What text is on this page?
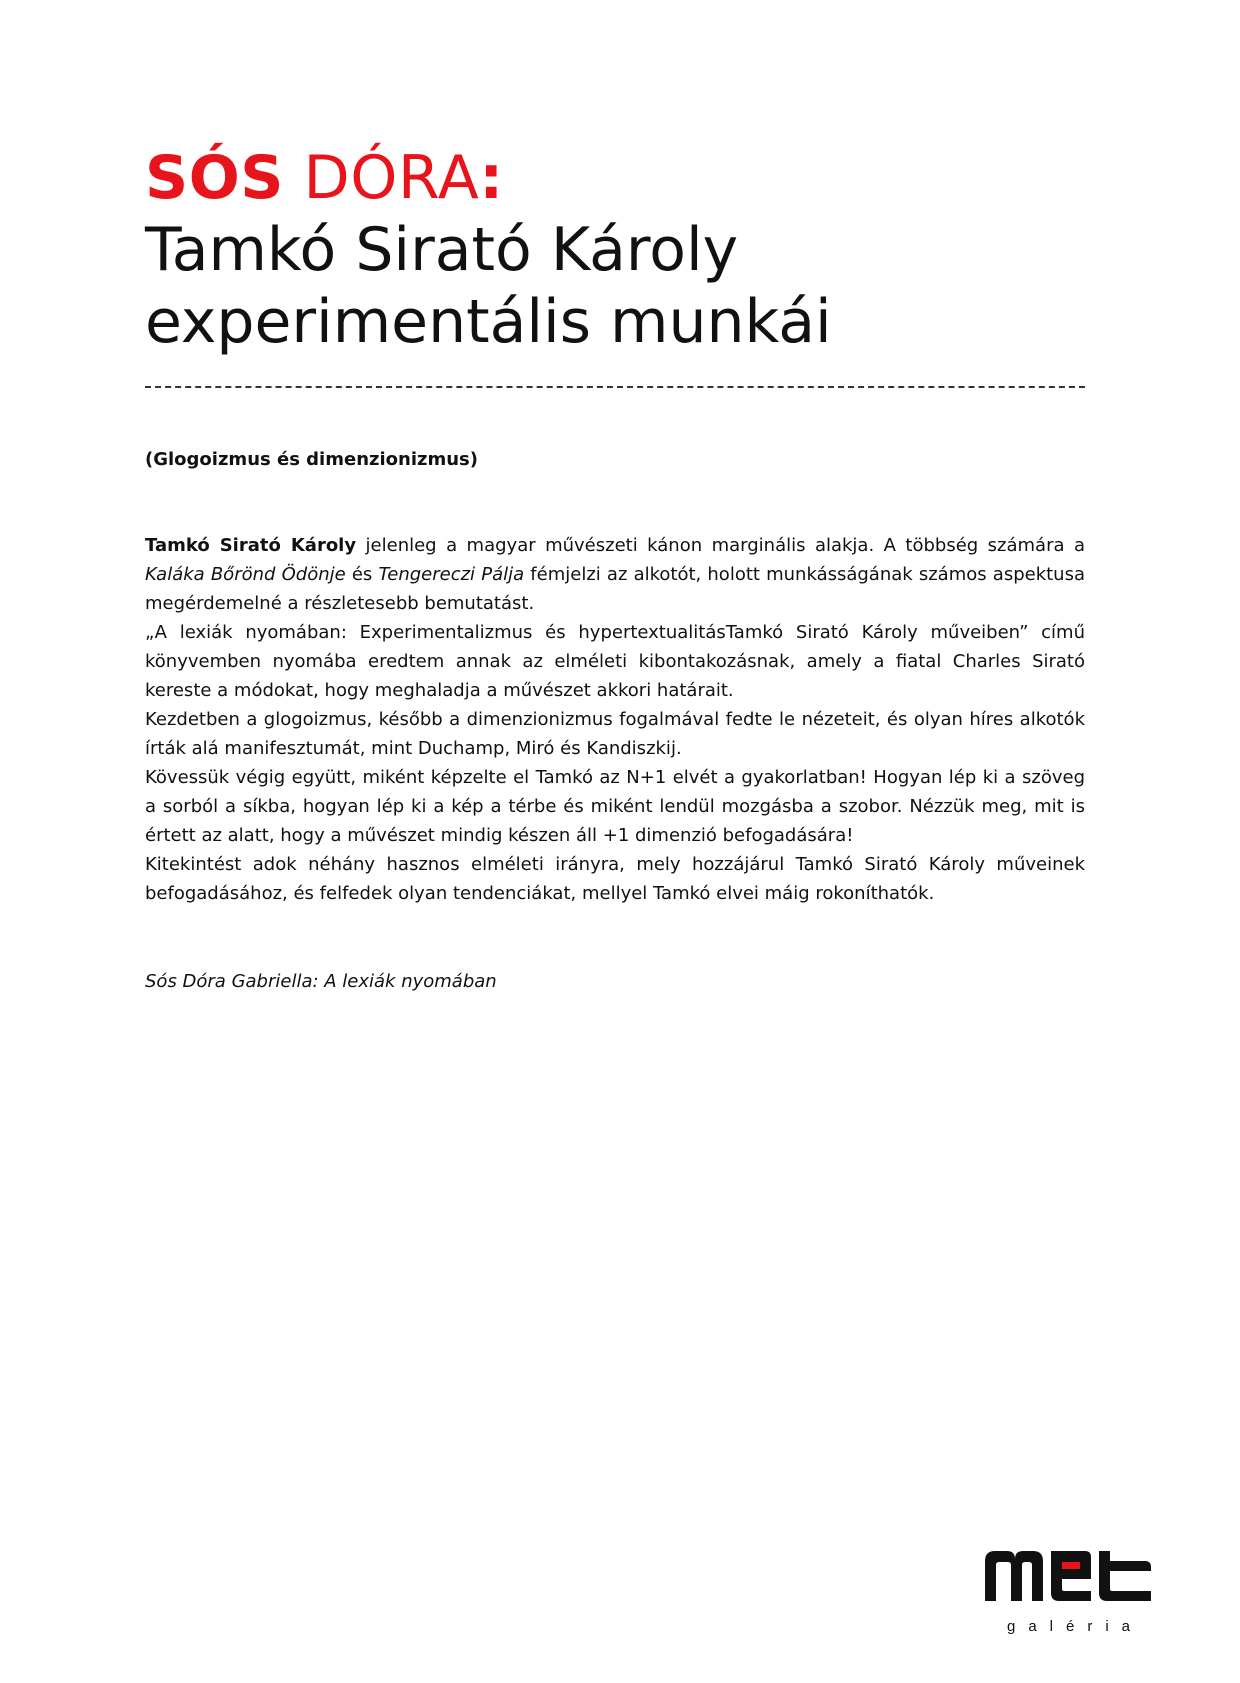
SÓS DÓRA:
Tamkó Sirató Károly
experimentális munkái
(Glogoizmus és dimenzionizmus)

Tamkó Sirató Károly jelenleg a magyar művészeti kánon marginális alakja. A többség számára a Kaláka Bőrönd Ödönje és Tengereczi Pálja fémjelzi az alkotót, holott munkásságának számos aspektusa megérdemelné a részletesebb bemutatást.

„A lexiák nyomában: Experimentalizmus és hypertextualitásTamkó Sirató Károly műveiben” című könyvemben nyomába eredtem annak az elméleti kibontakozásnak, amely a fiatal Charles Sirató kereste a módokat, hogy meghaladja a művészet akkori határait.

Kezdetben a glogoizmus, később a dimenzionizmus fogalmával fedte le nézeteit, és olyan híres alkotók írták alá manifesztumát, mint Duchamp, Miró és Kandiszkij.

Kövessük végig együtt, miként képzelte el Tamkó az N+1 elvét a gyakorlatban! Hogyan lép ki a szöveg a sorból a síkba, hogyan lép ki a kép a térbe és miként lendül mozgásba a szobor. Nézzük meg, mit is értett az alatt, hogy a művészet mindig készen áll +1 dimenzió befogadására!

Kitekintést adok néhány hasznos elméleti irányra, mely hozzájárul Tamkó Sirató Károly műveinek befogadásához, és felfedek olyan tendenciákat, mellyel Tamkó elvei máig rokoníthatók.

Sós Dóra Gabriella: A lexiák nyomában
galéria
